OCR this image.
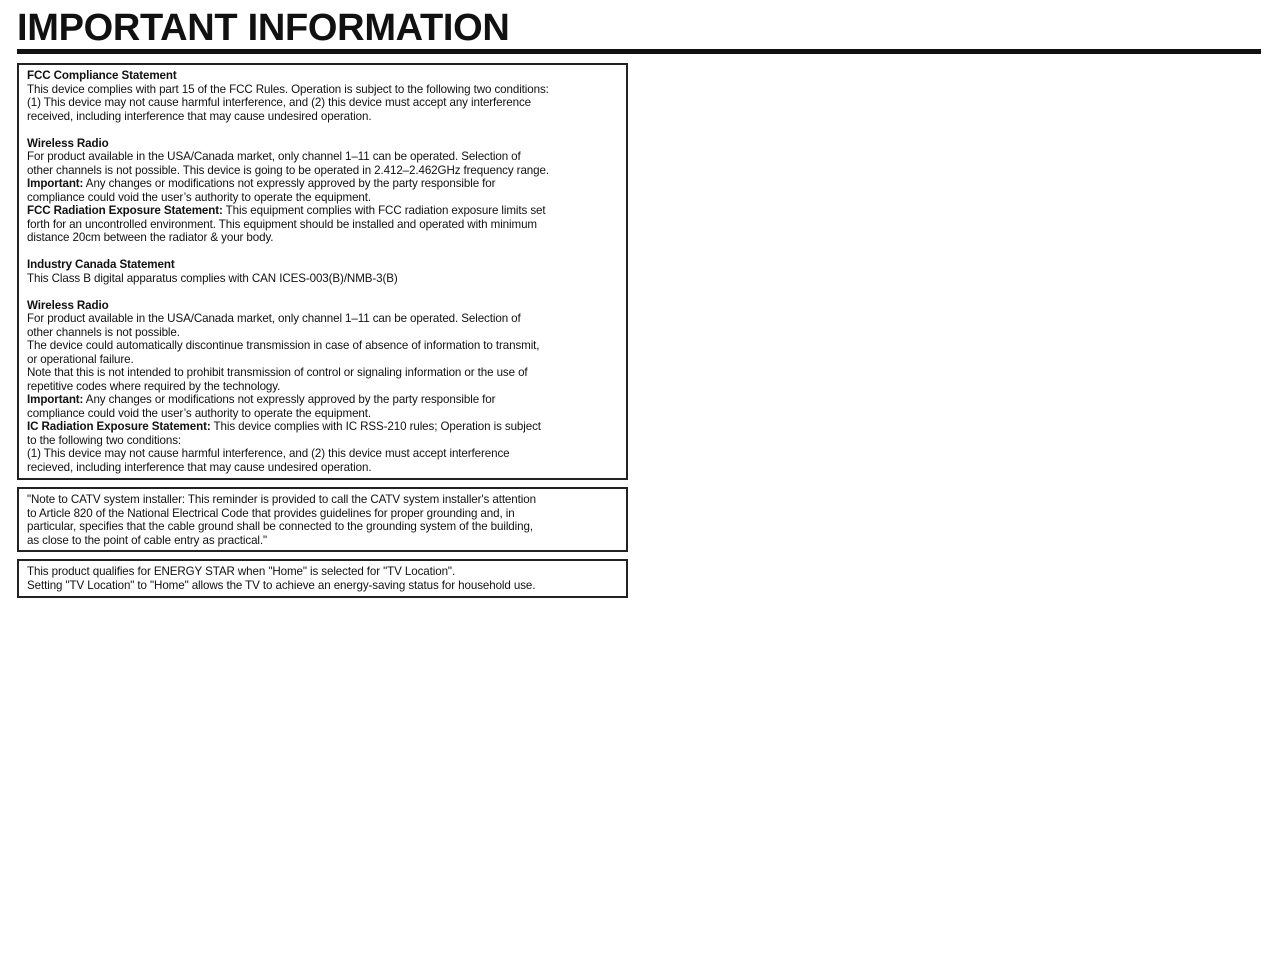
IMPORTANT INFORMATION

FCC Compliance Statement

This device complies with part 15 of the FCC Rules. Operation is subject to the following two conditions:

(1) This device may not cause harmful interference, and (2) this device must accept any interference

received, including interference that may cause undesired operation.

Wireless Radio

For product available in the USA/Canada market, only channel 1–11 can be operated. Selection of

other channels is not possible. This device is going to be operated in 2.412–2.462GHz frequency range.

Important: Any changes or modifications not expressly approved by the party responsible for

compliance could void the user’s authority to operate the equipment.

FCC Radiation Exposure Statement: This equipment complies with FCC radiation exposure limits set

forth for an uncontrolled environment. This equipment should be installed and operated with minimum

distance 20cm between the radiator & your body.

Industry Canada Statement

This Class B digital apparatus complies with CAN ICES-003(B)/NMB-3(B)

Wireless Radio

For product available in the USA/Canada market, only channel 1–11 can be operated. Selection of

other channels is not possible.

The device could automatically discontinue transmission in case of absence of information to transmit,

or operational failure.

Note that this is not intended to prohibit transmission of control or signaling information or the use of

repetitive codes where required by the technology.

Important: Any changes or modifications not expressly approved by the party responsible for

compliance could void the user’s authority to operate the equipment.

IC Radiation Exposure Statement: This device complies with IC RSS-210 rules; Operation is subject

to the following two conditions:

(1) This device may not cause harmful interference, and (2) this device must accept interference

recieved, including interference that may cause undesired operation.

"Note to CATV system installer: This reminder is provided to call the CATV system installer's attention

to Article 820 of the National Electrical Code that provides guidelines for proper grounding and, in

particular, specifies that the cable ground shall be connected to the grounding system of the building,

as close to the point of cable entry as practical."

This product qualifies for ENERGY STAR when "Home" is selected for "TV Location".

Setting "TV Location" to "Home" allows the TV to achieve an energy-saving status for household use.
